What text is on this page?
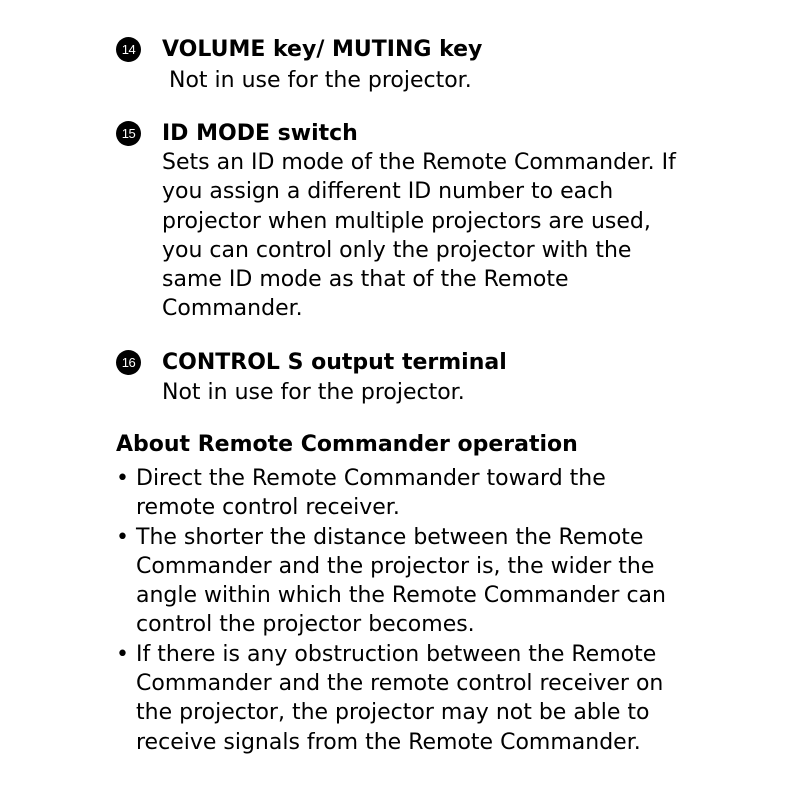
14 VOLUME key/ MUTING key
Not in use for the projector.
15 ID MODE switch
Sets an ID mode of the Remote Commander. If
you assign a different ID number to each
projector when multiple projectors are used,
you can control only the projector with the
same ID mode as that of the Remote
Commander.
16 CONTROL S output terminal
Not in use for the projector.
About Remote Commander operation
• Direct the Remote Commander toward the
remote control receiver.
• The shorter the distance between the Remote
Commander and the projector is, the wider the
angle within which the Remote Commander can
control the projector becomes.
• If there is any obstruction between the Remote
Commander and the remote control receiver on
the projector, the projector may not be able to
receive signals from the Remote Commander.
